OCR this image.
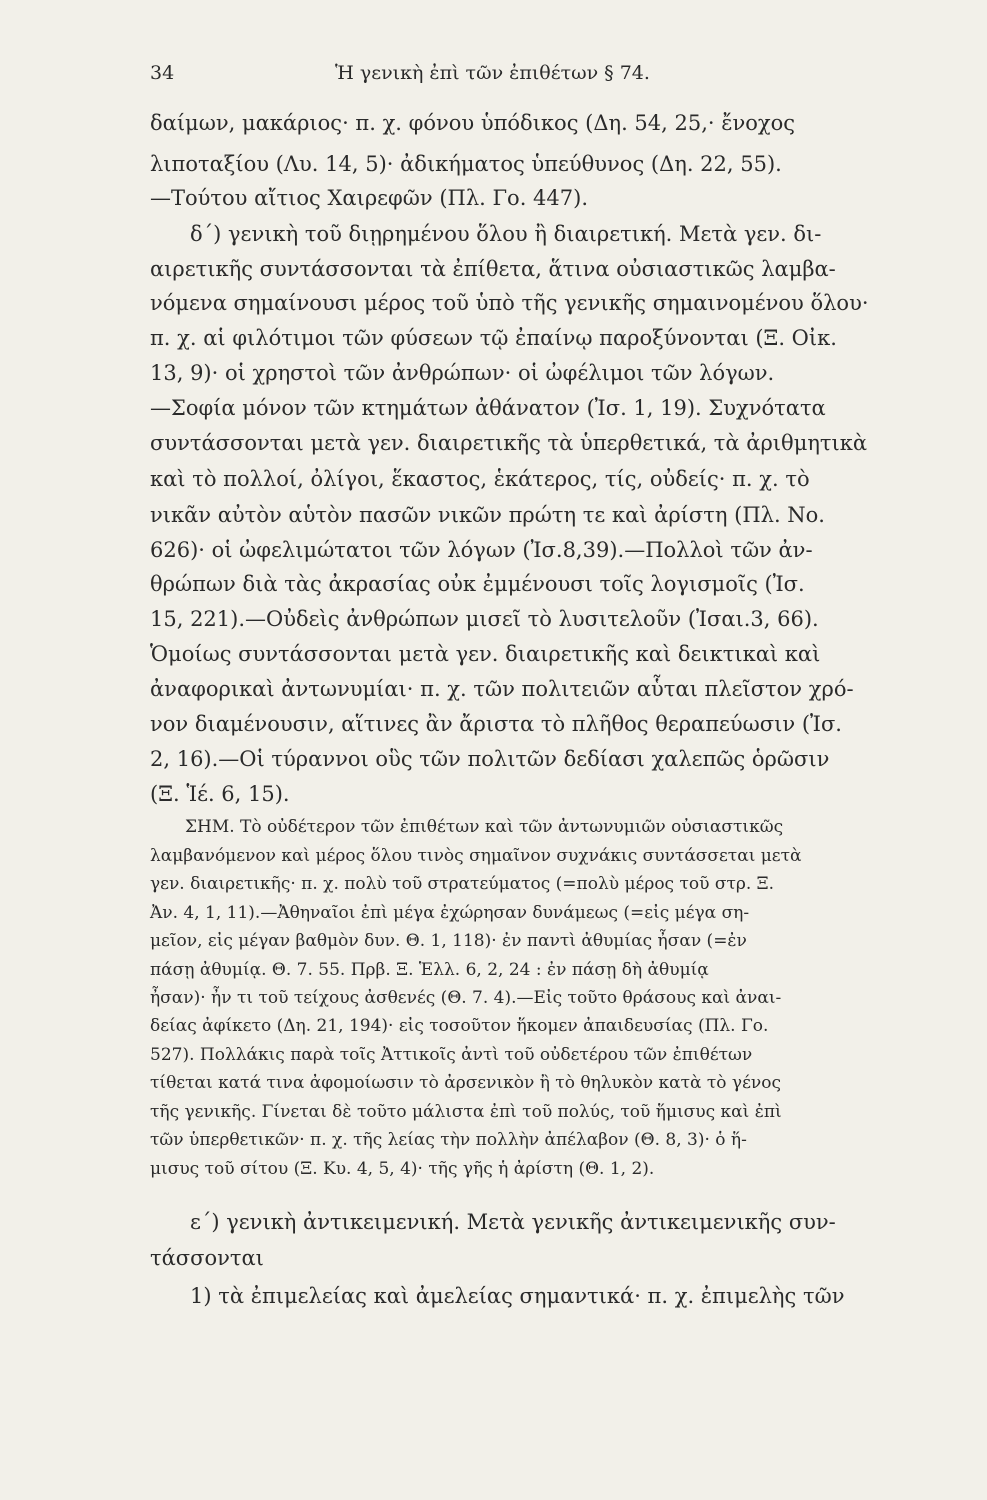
34	Ἡ γενικὴ ἐπὶ τῶν ἐπιθέτων § 74.
δαίμων, μακάριος· π. χ. φόνου ὑπόδικος (Δη. 54, 25,· ἔνοχος
λιποταξίου (Λυ. 14, 5)· ἀδικήματος ὑπεύθυνος (Δη. 22, 55).
—Τούτου αἴτιος Χαιρεφῶν (Πλ. Γο. 447).
δ΄) γενικὴ τοῦ διῃρημένου ὅλου ἢ διαιρετική. Μετὰ γεν. δι-
αιρετικῆς συντάσσονται τὰ ἐπίθετα, ἅτινα οὐσιαστικῶς λαμβα-
νόμενα σημαίνουσι μέρος τοῦ ὑπὸ τῆς γενικῆς σημαινομένου ὅλου·
π. χ. αἱ φιλότιμοι τῶν φύσεων τῷ ἐπαίνῳ παροξύνονται (Ξ. Οἰκ.
13, 9)· οἱ χρηστοὶ τῶν ἀνθρώπων· οἱ ὠφέλιμοι τῶν λόγων.
—Σοφία μόνον τῶν κτημάτων ἀθάνατον (Ἰσ. 1, 19). Συχνότατα
συντάσσονται μετὰ γεν. διαιρετικῆς τὰ ὑπερθετικά, τὰ ἀριθμητικὰ
καὶ τὸ πολλοί, ὀλίγοι, ἕκαστος, ἑκάτερος, τίς, οὐδείς· π. χ. τὸ
νικᾶν αὐτὸν αὑτὸν πασῶν νικῶν πρώτη τε καὶ ἀρίστη (Πλ. Νο.
626)· οἱ ὠφελιμώτατοι τῶν λόγων (Ἰσ.8,39).—Πολλοὶ τῶν ἀν-
θρώπων διὰ τὰς ἀκρασίας οὐκ ἐμμένουσι τοῖς λογισμοῖς (Ἰσ.
15, 221).—Οὐδεὶς ἀνθρώπων μισεῖ τὸ λυσιτελοῦν (Ἰσαι.3, 66).
Ὁμοίως συντάσσονται μετὰ γεν. διαιρετικῆς καὶ δεικτικαὶ καὶ
ἀναφορικαὶ ἀντωνυμίαι· π. χ. τῶν πολιτειῶν αὗται πλεῖστον χρό-
νον διαμένουσιν, αἵτινες ἂν ἄριστα τὸ πλῆθος θεραπεύωσιν (Ἰσ.
2, 16).—Οἱ τύραννοι οὓς τῶν πολιτῶν δεδίασι χαλεπῶς ὁρῶσιν
(Ξ. Ἱέ. 6, 15).
ΣΗΜ. Τὸ οὐδέτερον τῶν ἐπιθέτων καὶ τῶν ἀντωνυμιῶν οὐσιαστικῶς
λαμβανόμενον καὶ μέρος ὅλου τινὸς σημαῖνον συχνάκις συντάσσεται μετὰ
γεν. διαιρετικῆς· π. χ. πολὺ τοῦ στρατεύματος (=πολὺ μέρος τοῦ στρ. Ξ.
Ἀν. 4, 1, 11).—Ἀθηναῖοι ἐπὶ μέγα ἐχώρησαν δυνάμεως (=εἰς μέγα ση-
μεῖον, εἰς μέγαν βαθμὸν δυν. Θ. 1, 118)· ἐν παντὶ ἀθυμίας ἦσαν (=ἐν
πάσῃ ἀθυμίᾳ. Θ. 7. 55. Πρβ. Ξ. Ἑλλ. 6, 2, 24 : ἐν πάσῃ δὴ ἀθυμίᾳ
ἦσαν)· ἦν τι τοῦ τείχους ἀσθενές (Θ. 7. 4).—Εἰς τοῦτο θράσους καὶ ἀναι-
δείας ἀφίκετο (Δη. 21, 194)· εἰς τοσοῦτον ἥκομεν ἀπαιδευσίας (Πλ. Γο.
527). Πολλάκις παρὰ τοῖς Ἀττικοῖς ἀντὶ τοῦ οὐδετέρου τῶν ἐπιθέτων
τίθεται κατά τινα ἀφομοίωσιν τὸ ἀρσενικὸν ἢ τὸ θηλυκὸν κατὰ τὸ γένος
τῆς γενικῆς. Γίνεται δὲ τοῦτο μάλιστα ἐπὶ τοῦ πολύς, τοῦ ἥμισυς καὶ ἐπὶ
τῶν ὑπερθετικῶν· π. χ. τῆς λείας τὴν πολλὴν ἀπέλαβον (Θ. 8, 3)· ὁ ἥ-
μισυς τοῦ σίτου (Ξ. Κυ. 4, 5, 4)· τῆς γῆς ἡ ἀρίστη (Θ. 1, 2).
ε΄) γενικὴ ἀντικειμενική. Μετὰ γενικῆς ἀντικειμενικῆς συν-
τάσσονται
1) τὰ ἐπιμελείας καὶ ἀμελείας σημαντικά· π. χ. ἐπιμελὴς τῶν
